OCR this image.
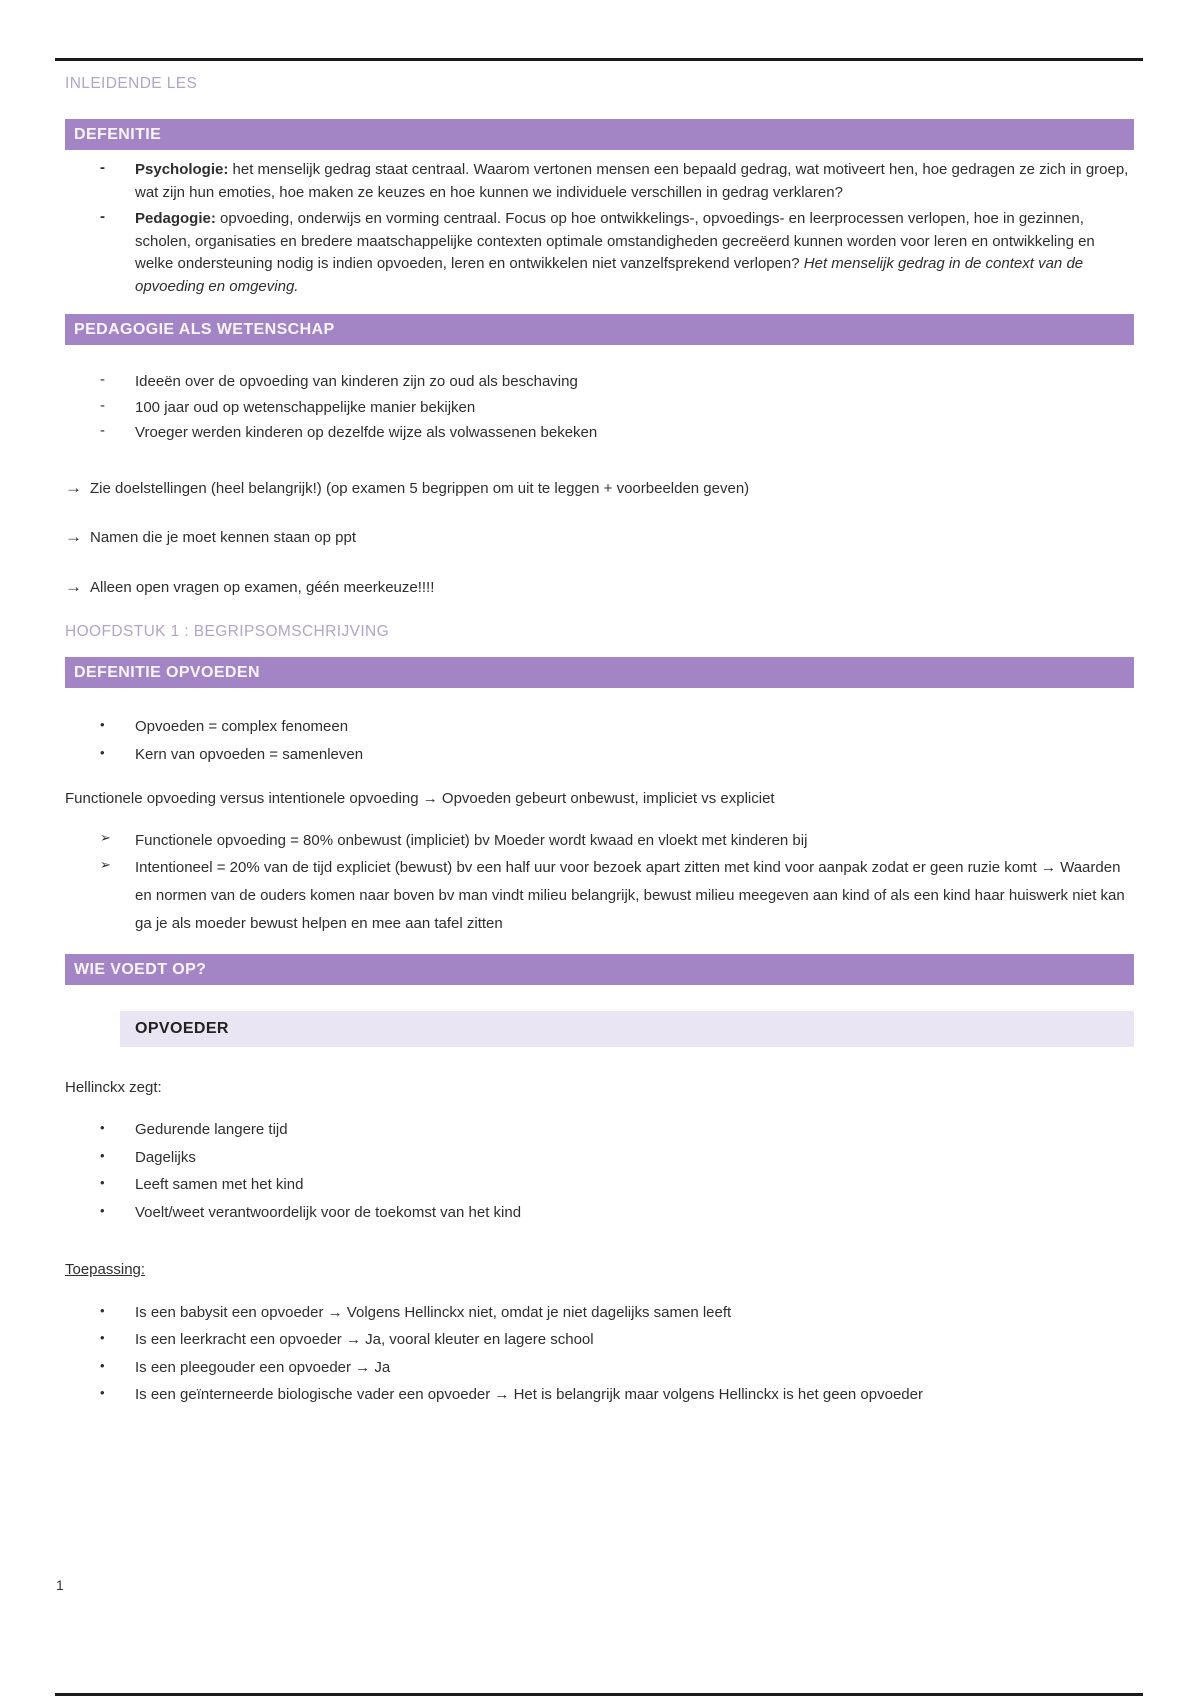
INLEIDENDE LES
DEFENITIE
-	Psychologie: het menselijk gedrag staat centraal. Waarom vertonen mensen een bepaald gedrag, wat motiveert hen, hoe gedragen ze zich in groep, wat zijn hun emoties, hoe maken ze keuzes en hoe kunnen we individuele verschillen in gedrag verklaren?
-	Pedagogie: opvoeding, onderwijs en vorming centraal. Focus op hoe ontwikkelings-, opvoedings- en leerprocessen verlopen, hoe in gezinnen, scholen, organisaties en bredere maatschappelijke contexten optimale omstandigheden gecreëerd kunnen worden voor leren en ontwikkeling en welke ondersteuning nodig is indien opvoeden, leren en ontwikkelen niet vanzelfsprekend verlopen? Het menselijk gedrag in de context van de opvoeding en omgeving.
PEDAGOGIE ALS WETENSCHAP
-	Ideeën over de opvoeding van kinderen zijn zo oud als beschaving
-	100 jaar oud op wetenschappelijke manier bekijken
-	Vroeger werden kinderen op dezelfde wijze als volwassenen bekeken

→ Zie doelstellingen (heel belangrijk!) (op examen 5 begrippen om uit te leggen + voorbeelden geven)

→ Namen die je moet kennen staan op ppt

→ Alleen open vragen op examen, géén meerkeuze!!!!

HOOFDSTUK 1 : BEGRIPSOMSCHRIJVING
DEFENITIE OPVOEDEN
•	Opvoeden = complex fenomeen
•	Kern van opvoeden = samenleven

Functionele opvoeding versus intentionele opvoeding → Opvoeden gebeurt onbewust, impliciet vs expliciet

➢	Functionele opvoeding = 80% onbewust (impliciet) bv Moeder wordt kwaad en vloekt met kinderen bij
➢	Intentioneel = 20% van de tijd expliciet (bewust) bv een half uur voor bezoek apart zitten met kind voor aanpak zodat er geen ruzie komt → Waarden en normen van de ouders komen naar boven bv man vindt milieu belangrijk, bewust milieu meegeven aan kind of als een kind haar huiswerk niet kan ga je als moeder bewust helpen en mee aan tafel zitten
WIE VOEDT OP?
OPVOEDER

Hellinckx zegt:

•	Gedurende langere tijd
•	Dagelijks
•	Leeft samen met het kind
•	Voelt/weet verantwoordelijk voor de toekomst van het kind

Toepassing:

•	Is een babysit een opvoeder → Volgens Hellinckx niet, omdat je niet dagelijks samen leeft
•	Is een leerkracht een opvoeder → Ja, vooral kleuter en lagere school
•	Is een pleegouder een opvoeder → Ja
•	Is een geïnterneerde biologische vader een opvoeder → Het is belangrijk maar volgens Hellinckx is het geen opvoeder
1
